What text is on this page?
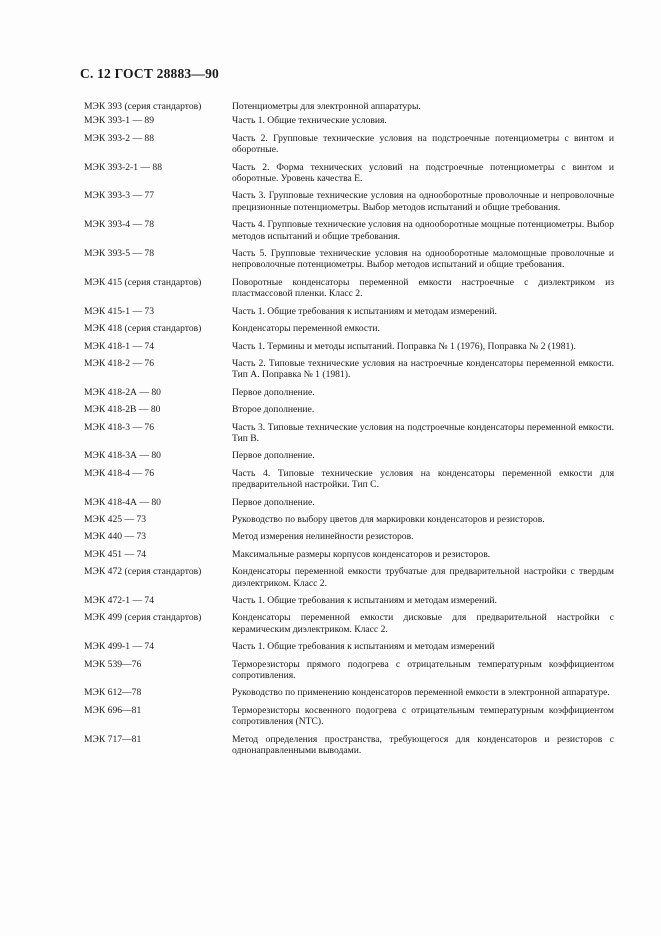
С. 12 ГОСТ 28883—90
МЭК 393 (серия стандартов)	Потенциометры для электронной аппаратуры.
МЭК 393-1 — 89	Часть 1. Общие технические условия.
МЭК 393-2 — 88	Часть 2. Групповые технические условия на подстроечные потенциометры с винтом и оборотные.
МЭК 393-2-1 — 88	Часть 2. Форма технических условий на подстроечные потенциометры с винтом и оборотные. Уровень качества Е.
МЭК 393-3 — 77	Часть 3. Групповые технические условия на однооборотные проволочные и непроволочные прецизионные потенциометры. Выбор методов испытаний и общие требования.
МЭК 393-4 — 78	Часть 4. Групповые технические условия на однооборотные мощные потенциометры. Выбор методов испытаний и общие требования.
МЭК 393-5 — 78	Часть 5. Групповые технические условия на однооборотные маломощные проволочные и непроволочные потенциометры. Выбор методов испытаний и общие требования.
МЭК 415 (серия стандартов)	Поворотные конденсаторы переменной емкости настроечные с диэлектриком из пластмассовой пленки. Класс 2.
МЭК 415-1 — 73	Часть 1. Общие требования к испытаниям и методам измерений.
МЭК 418 (серия стандартов)	Конденсаторы переменной емкости.
МЭК 418-1 — 74	Часть 1. Термины и методы испытаний. Поправка № 1 (1976), Поправка № 2 (1981).
МЭК 418-2 — 76	Часть 2. Типовые технические условия на настроечные конденсаторы переменной емкости. Тип А. Поправка № 1 (1981).
МЭК 418-2А — 80	Первое дополнение.
МЭК 418-2В — 80	Второе дополнение.
МЭК 418-3 — 76	Часть 3. Типовые технические условия на подстроечные конденсаторы переменной емкости. Тип В.
МЭК 418-3А — 80	Первое дополнение.
МЭК 418-4 — 76	Часть 4. Типовые технические условия на конденсаторы переменной емкости для предварительной настройки. Тип С.
МЭК 418-4А — 80	Первое дополнение.
МЭК 425 — 73	Руководство по выбору цветов для маркировки конденсаторов и резисторов.
МЭК 440 — 73	Метод измерения нелинейности резисторов.
МЭК 451 — 74	Максимальные размеры корпусов конденсаторов и резисторов.
МЭК 472 (серия стандартов)	Конденсаторы переменной емкости трубчатые для предварительной настройки с твердым диэлектриком. Класс 2.
МЭК 472-1 — 74	Часть 1. Общие требования к испытаниям и методам измерений.
МЭК 499 (серия стандартов)	Конденсаторы переменной емкости дисковые для предварительной настройки с керамическим диэлектриком. Класс 2.
МЭК 499-1 — 74	Часть 1. Общие требования к испытаниям и методам измерений
МЭК 539—76	Терморезисторы прямого подогрева с отрицательным температурным коэффициентом сопротивления.
МЭК 612—78	Руководство по применению конденсаторов переменной емкости в электронной аппаратуре.
МЭК 696—81	Терморезисторы косвенного подогрева с отрицательным температурным коэффициентом сопротивления (NTC).
МЭК 717—81	Метод определения пространства, требующегося для конденсаторов и резисторов с однонаправленными выводами.
